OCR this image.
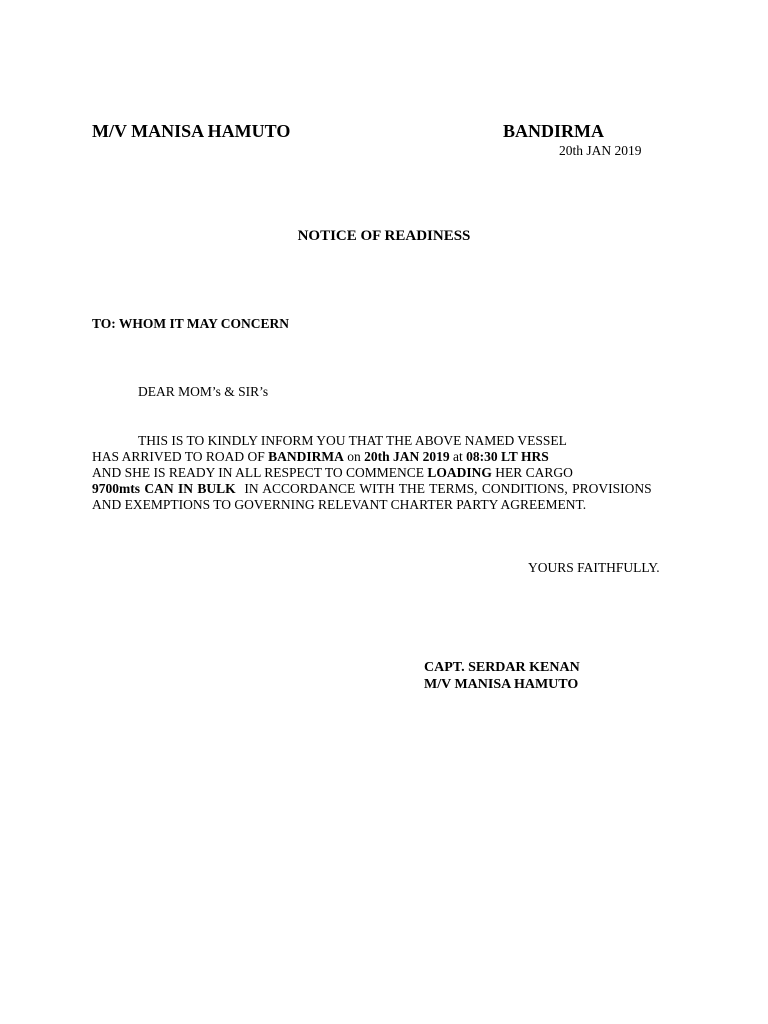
M/V MANISA HAMUTO	BANDIRMA
20th JAN 2019
NOTICE OF READINESS
TO: WHOM IT MAY CONCERN
DEAR MOM’s & SIR’s
THIS IS TO KINDLY INFORM YOU THAT THE ABOVE NAMED VESSEL
HAS ARRIVED TO ROAD OF BANDIRMA on 20th JAN 2019 at 08:30 LT HRS
AND SHE IS READY IN ALL RESPECT TO COMMENCE LOADING HER CARGO
9700mts CAN IN BULK  IN ACCORDANCE WITH THE TERMS, CONDITIONS, PROVISIONS
AND EXEMPTIONS TO GOVERNING RELEVANT CHARTER PARTY AGREEMENT.
YOURS FAITHFULLY.
CAPT. SERDAR KENAN
M/V MANISA HAMUTO
